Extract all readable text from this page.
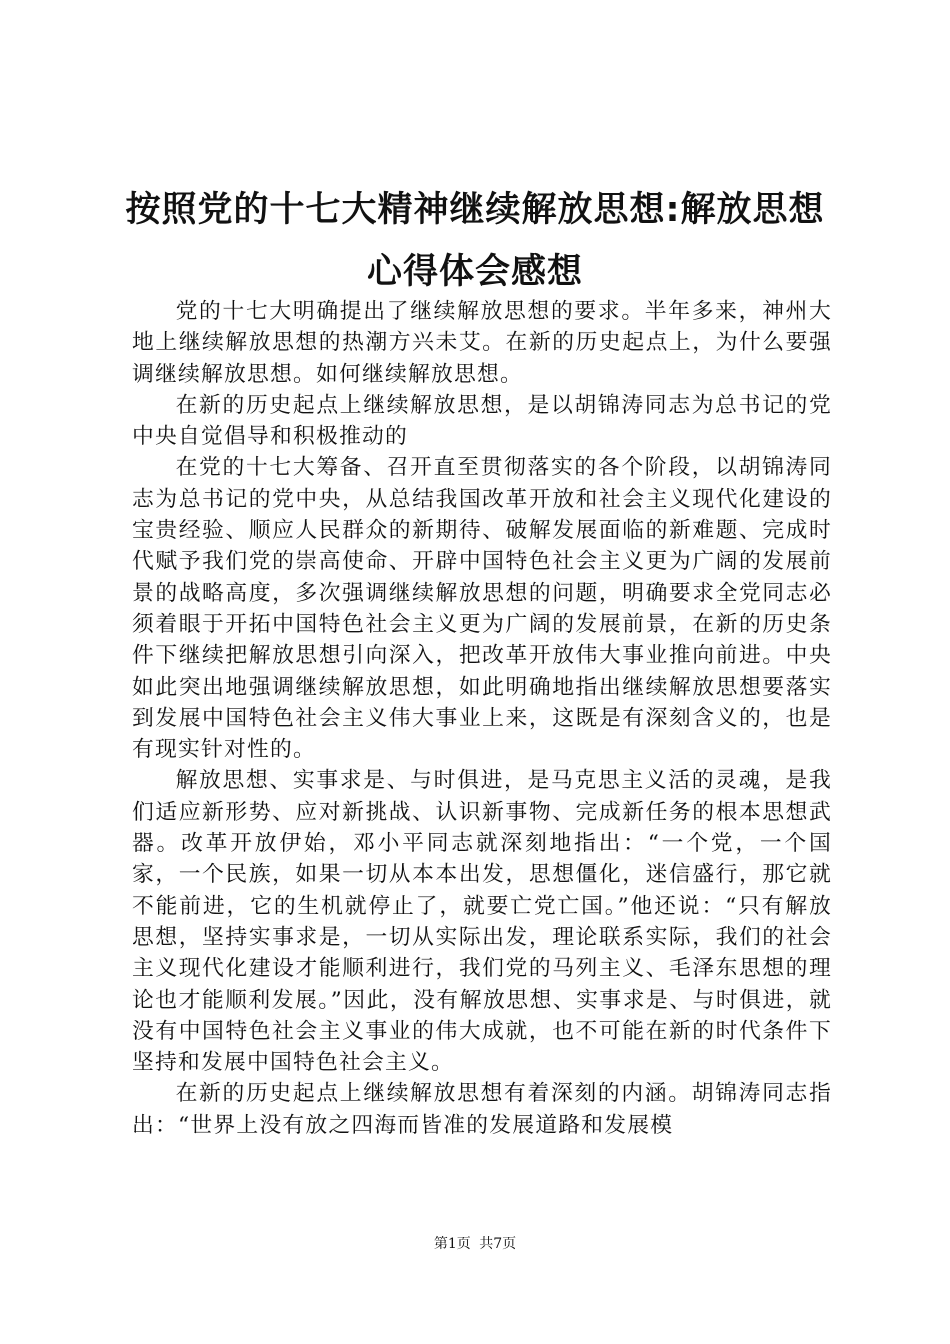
按照党的十七大精神继续解放思想:解放思想
心得体会感想

党的十七大明确提出了继续解放思想的要求。半年多来，神州大地上继续解放思想的热潮方兴未艾。在新的历史起点上，为什么要强调继续解放思想。如何继续解放思想。

在新的历史起点上继续解放思想，是以胡锦涛同志为总书记的党中央自觉倡导和积极推动的

在党的十七大筹备、召开直至贯彻落实的各个阶段，以胡锦涛同志为总书记的党中央，从总结我国改革开放和社会主义现代化建设的宝贵经验、顺应人民群众的新期待、破解发展面临的新难题、完成时代赋予我们党的崇高使命、开辟中国特色社会主义更为广阔的发展前景的战略高度，多次强调继续解放思想的问题，明确要求全党同志必须着眼于开拓中国特色社会主义更为广阔的发展前景，在新的历史条件下继续把解放思想引向深入，把改革开放伟大事业推向前进。中央如此突出地强调继续解放思想，如此明确地指出继续解放思想要落实到发展中国特色社会主义伟大事业上来，这既是有深刻含义的，也是有现实针对性的。

解放思想、实事求是、与时俱进，是马克思主义活的灵魂，是我们适应新形势、应对新挑战、认识新事物、完成新任务的根本思想武器。改革开放伊始，邓小平同志就深刻地指出：“一个党，一个国家，一个民族，如果一切从本本出发，思想僵化，迷信盛行，那它就不能前进，它的生机就停止了，就要亡党亡国。”他还说：“只有解放思想，坚持实事求是，一切从实际出发，理论联系实际，我们的社会主义现代化建设才能顺利进行，我们党的马列主义、毛泽东思想的理论也才能顺利发展。”因此，没有解放思想、实事求是、与时俱进，就没有中国特色社会主义事业的伟大成就，也不可能在新的时代条件下坚持和发展中国特色社会主义。

在新的历史起点上继续解放思想有着深刻的内涵。胡锦涛同志指出：“世界上没有放之四海而皆准的发展道路和发展模

第1页 共7页
